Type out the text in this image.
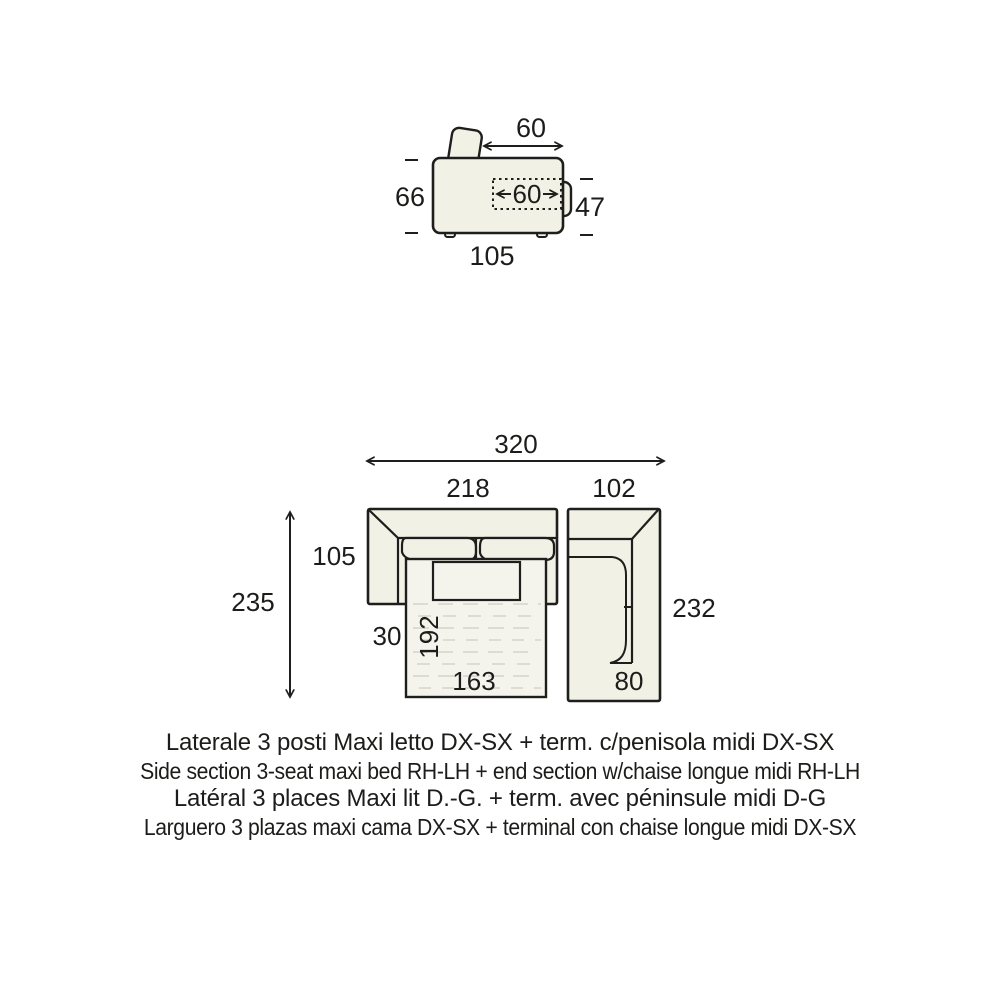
60
60
66	47
105
320
218	102
235
105
30 192
163
232
80
Laterale 3 posti Maxi letto DX-SX + term. c/penisola midi DX-SX
Side section 3-seat maxi bed RH-LH + end section w/chaise longue midi RH-LH
Latéral 3 places Maxi lit D.-G. + term. avec péninsule midi D-G
Larguero 3 plazas maxi cama DX-SX + terminal con chaise longue midi DX-SX
